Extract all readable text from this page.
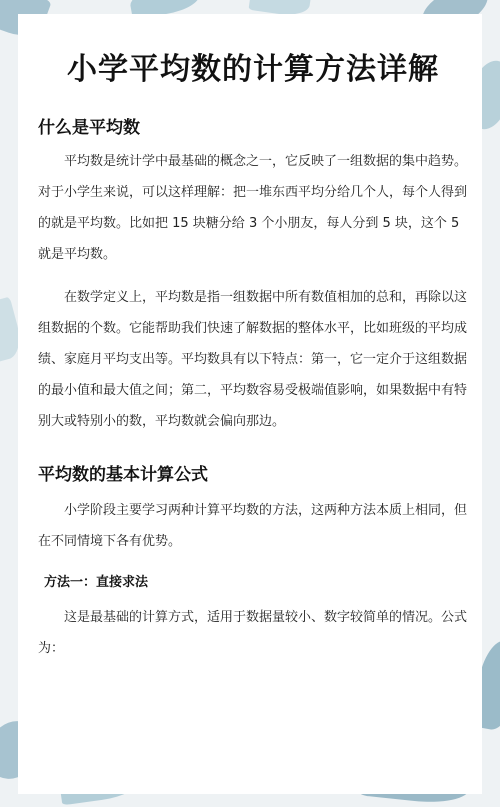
小学平均数的计算方法详解
什么是平均数

平均数是统计学中最基础的概念之一，它反映了一组数据的集中趋势。对于小学生来说，可以这样理解：把一堆东西平均分给几个人，每个人得到的就是平均数。比如把 15 块糖分给 3 个小朋友，每人分到 5 块，这个 5 就是平均数。

在数学定义上，平均数是指一组数据中所有数值相加的总和，再除以这组数据的个数。它能帮助我们快速了解数据的整体水平，比如班级的平均成绩、家庭月平均支出等。平均数具有以下特点：第一，它一定介于这组数据的最小值和最大值之间；第二，平均数容易受极端值影响，如果数据中有特别大或特别小的数，平均数就会偏向那边。

平均数的基本计算公式

小学阶段主要学习两种计算平均数的方法，这两种方法本质上相同，但在不同情境下各有优势。

方法一：直接求法

这是最基础的计算方式，适用于数据量较小、数字较简单的情况。公式为：
